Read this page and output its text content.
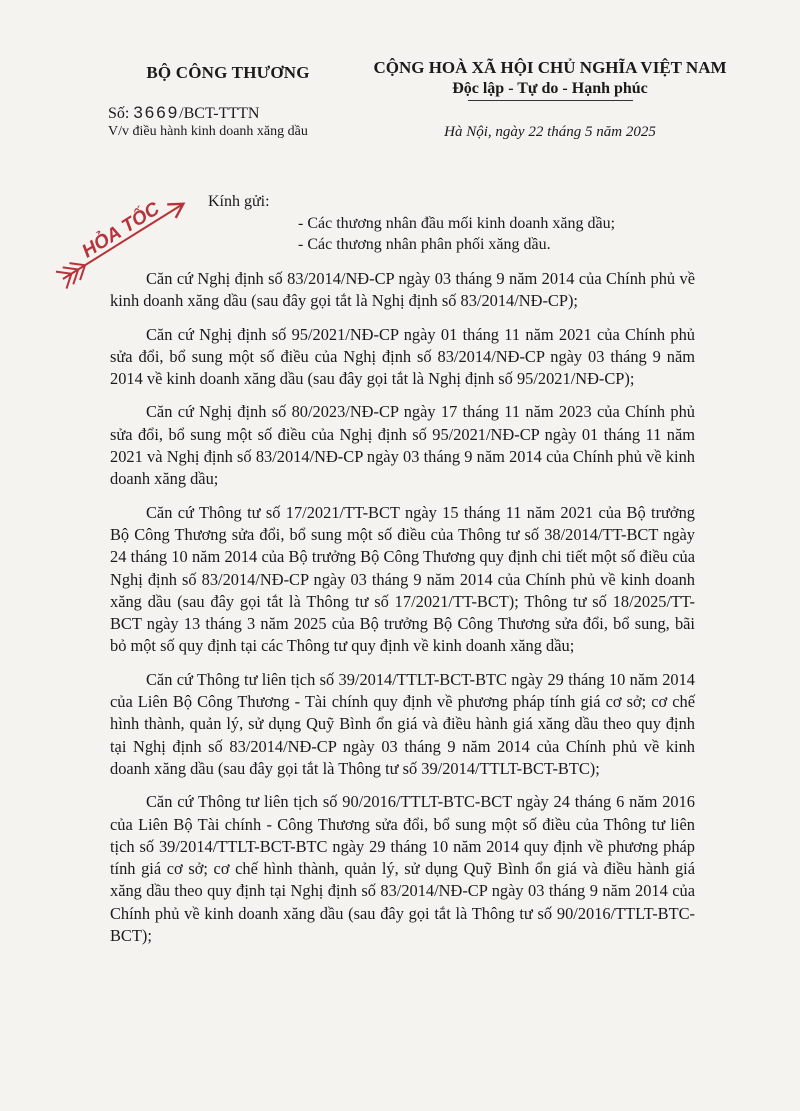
BỘ CÔNG THƯƠNG
Số: 3669/BCT-TTTN
V/v điều hành kinh doanh xăng dầu
CỘNG HOÀ XÃ HỘI CHỦ NGHĨA VIỆT NAM
Độc lập - Tự do - Hạnh phúc
Hà Nội, ngày 22 tháng 5 năm 2025
HỎA TỐC	Kính gửi:
- Các thương nhân đầu mối kinh doanh xăng dầu;
- Các thương nhân phân phối xăng dầu.

Căn cứ Nghị định số 83/2014/NĐ-CP ngày 03 tháng 9 năm 2014 của Chính phủ về kinh doanh xăng dầu (sau đây gọi tắt là Nghị định số 83/2014/NĐ-CP);

Căn cứ Nghị định số 95/2021/NĐ-CP ngày 01 tháng 11 năm 2021 của Chính phủ sửa đổi, bổ sung một số điều của Nghị định số 83/2014/NĐ-CP ngày 03 tháng 9 năm 2014 về kinh doanh xăng dầu (sau đây gọi tắt là Nghị định số 95/2021/NĐ-CP);

Căn cứ Nghị định số 80/2023/NĐ-CP ngày 17 tháng 11 năm 2023 của Chính phủ sửa đổi, bổ sung một số điều của Nghị định số 95/2021/NĐ-CP ngày 01 tháng 11 năm 2021 và Nghị định số 83/2014/NĐ-CP ngày 03 tháng 9 năm 2014 của Chính phủ về kinh doanh xăng dầu;

Căn cứ Thông tư số 17/2021/TT-BCT ngày 15 tháng 11 năm 2021 của Bộ trưởng Bộ Công Thương sửa đổi, bổ sung một số điều của Thông tư số 38/2014/TT-BCT ngày 24 tháng 10 năm 2014 của Bộ trưởng Bộ Công Thương quy định chi tiết một số điều của Nghị định số 83/2014/NĐ-CP ngày 03 tháng 9 năm 2014 của Chính phủ về kinh doanh xăng dầu (sau đây gọi tắt là Thông tư số 17/2021/TT-BCT); Thông tư số 18/2025/TT-BCT ngày 13 tháng 3 năm 2025 của Bộ trưởng Bộ Công Thương sửa đổi, bổ sung, bãi bỏ một số quy định tại các Thông tư quy định về kinh doanh xăng dầu;

Căn cứ Thông tư liên tịch số 39/2014/TTLT-BCT-BTC ngày 29 tháng 10 năm 2014 của Liên Bộ Công Thương - Tài chính quy định về phương pháp tính giá cơ sở; cơ chế hình thành, quản lý, sử dụng Quỹ Bình ổn giá và điều hành giá xăng dầu theo quy định tại Nghị định số 83/2014/NĐ-CP ngày 03 tháng 9 năm 2014 của Chính phủ về kinh doanh xăng dầu (sau đây gọi tắt là Thông tư số 39/2014/TTLT-BCT-BTC);

Căn cứ Thông tư liên tịch số 90/2016/TTLT-BTC-BCT ngày 24 tháng 6 năm 2016 của Liên Bộ Tài chính - Công Thương sửa đổi, bổ sung một số điều của Thông tư liên tịch số 39/2014/TTLT-BCT-BTC ngày 29 tháng 10 năm 2014 quy định về phương pháp tính giá cơ sở; cơ chế hình thành, quản lý, sử dụng Quỹ Bình ổn giá và điều hành giá xăng dầu theo quy định tại Nghị định số 83/2014/NĐ-CP ngày 03 tháng 9 năm 2014 của Chính phủ về kinh doanh xăng dầu (sau đây gọi tắt là Thông tư số 90/2016/TTLT-BTC-BCT);
